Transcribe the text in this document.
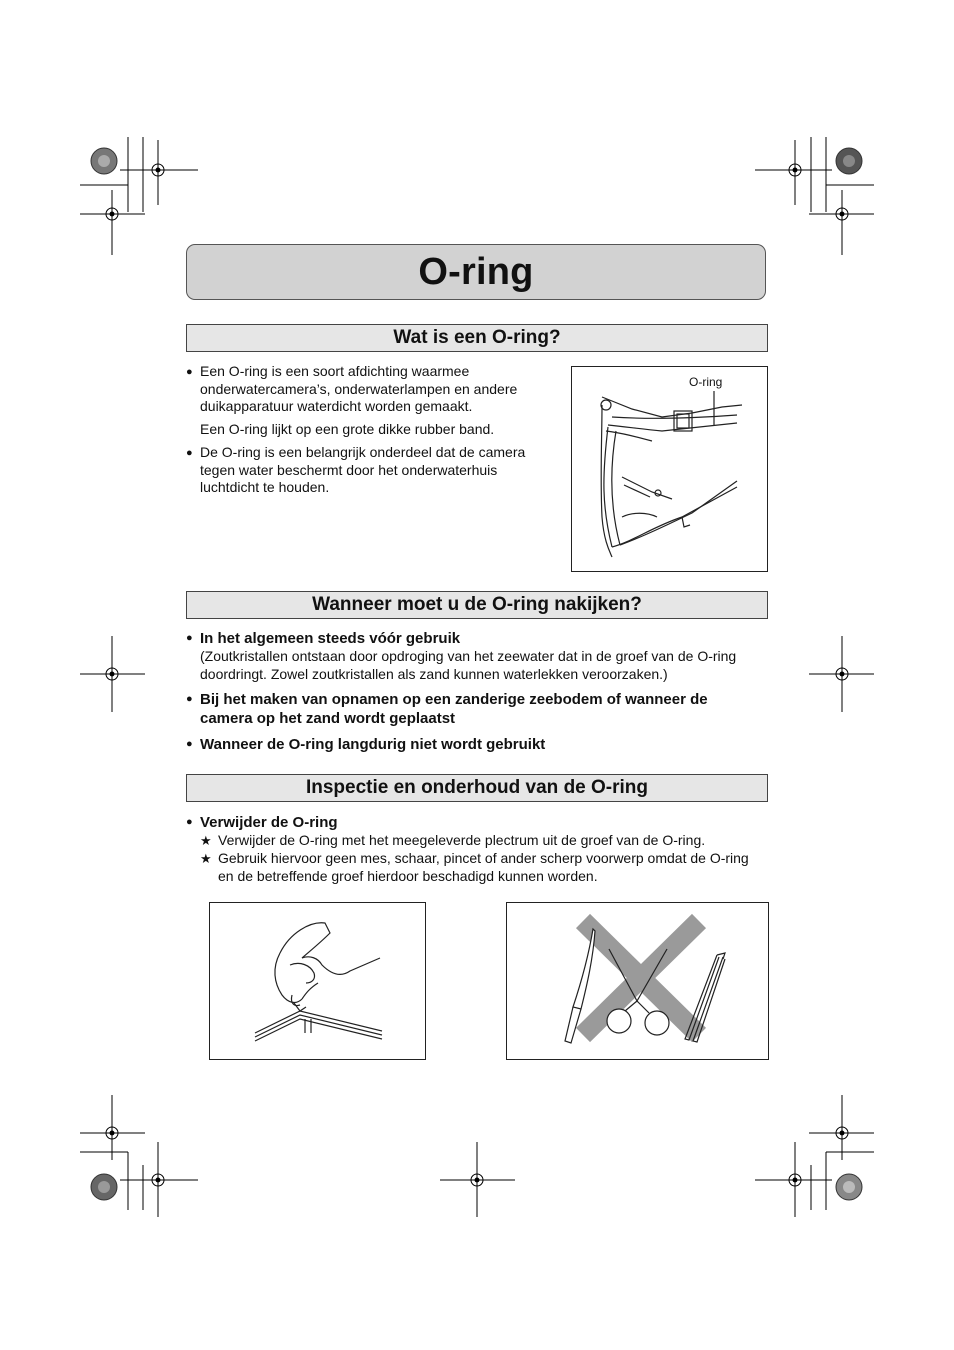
O-ring
Wat is een O-ring?
● Een O-ring is een soort afdichting waarmee
onderwatercamera’s, onderwaterlampen en andere
duikapparatuur waterdicht worden gemaakt.
Een O-ring lijkt op een grote dikke rubber band.
● De O-ring is een belangrijk onderdeel dat de camera
tegen water beschermt door het onderwaterhuis
luchtdicht te houden.
O-ring
Wanneer moet u de O-ring nakijken?
● In het algemeen steeds vóór gebruik
(Zoutkristallen ontstaan door opdroging van het zeewater dat in de groef van de O-ring
doordringt. Zowel zoutkristallen als zand kunnen waterlekken veroorzaken.)
● Bij het maken van opnamen op een zanderige zeebodem of wanneer de
camera op het zand wordt geplaatst
● Wanneer de O-ring langdurig niet wordt gebruikt
Inspectie en onderhoud van de O-ring
● Verwijder de O-ring
★ Verwijder de O-ring met het meegeleverde plectrum uit de groef van de O-ring.
★ Gebruik hiervoor geen mes, schaar, pincet of ander scherp voorwerp omdat de O-ring
en de betreffende groef hierdoor beschadigd kunnen worden.
